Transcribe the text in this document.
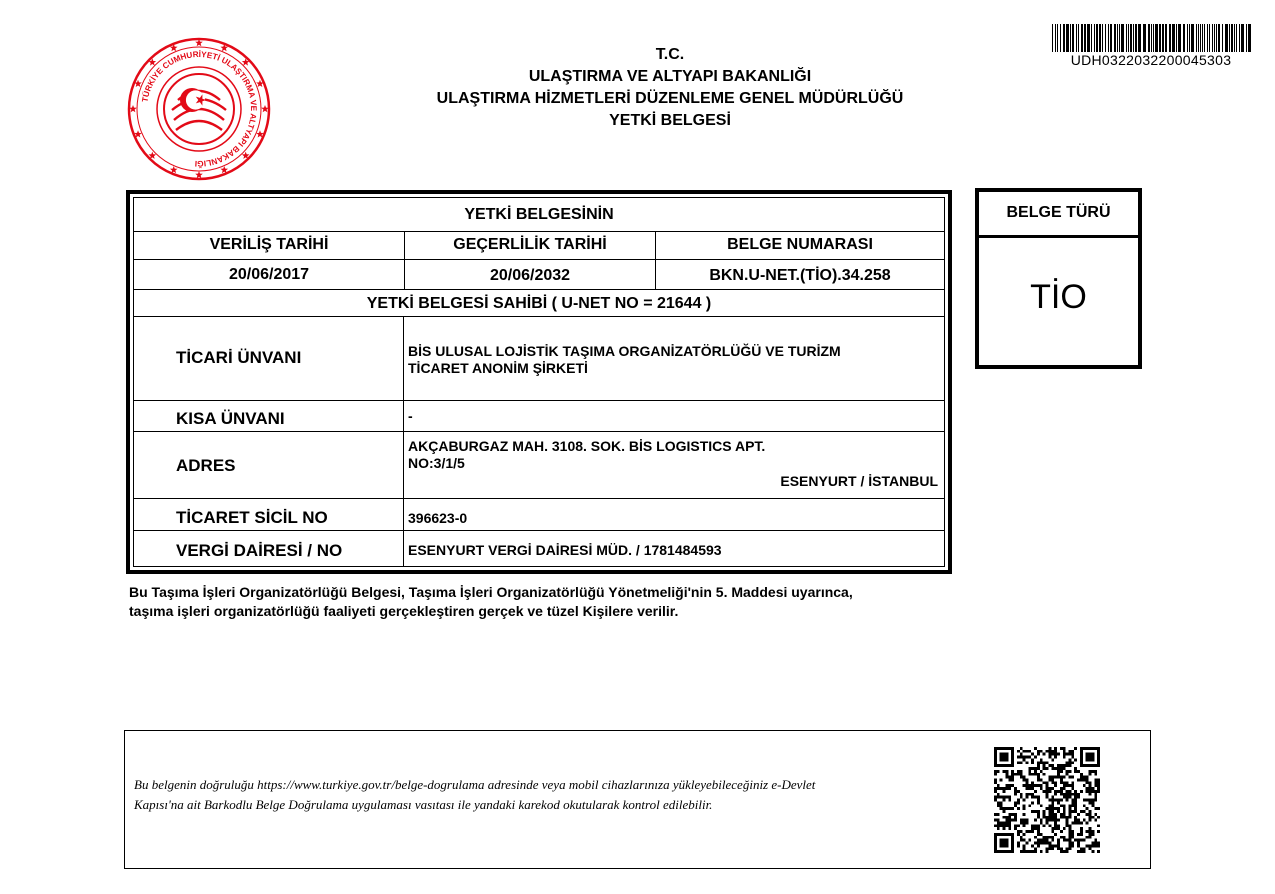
TÜRKİYE CUMHURİYETİ ULAŞTIRMA VE ALTYAPI BAKANLIĞI
T.C.
ULAŞTIRMA VE ALTYAPI BAKANLIĞI
ULAŞTIRMA HİZMETLERİ DÜZENLEME GENEL MÜDÜRLÜĞÜ
YETKİ BELGESİ
UDH0322032200045303
YETKİ BELGESİNİN
VERİLİŞ TARİHİ	GEÇERLİLİK TARİHİ	BELGE NUMARASI
20/06/2017	20/06/2032	BKN.U-NET.(TİO).34.258
YETKİ BELGESİ SAHİBİ ( U-NET NO = 21644 )
TİCARİ ÜNVANI	BİS ULUSAL LOJİSTİK TAŞIMA ORGANİZATÖRLÜĞÜ VE TURİZM
TİCARET ANONİM ŞİRKETİ
KISA ÜNVANI	-
ADRES
AKÇABURGAZ MAH. 3108. SOK. BİS LOGISTICS APT.
NO:3/1/5
ESENYURT / İSTANBUL
TİCARET SİCİL NO	396623-0
VERGİ DAİRESİ / NO	ESENYURT VERGİ DAİRESİ MÜD. / 1781484593
BELGE TÜRÜ
TİO
Bu Taşıma İşleri Organizatörlüğü Belgesi, Taşıma İşleri Organizatörlüğü Yönetmeliği'nin 5. Maddesi uyarınca,
taşıma işleri organizatörlüğü faaliyeti gerçekleştiren gerçek ve tüzel Kişilere verilir.
Bu belgenin doğruluğu https://www.turkiye.gov.tr/belge-dogrulama adresinde veya mobil cihazlarınıza yükleyebileceğiniz e-Devlet
Kapısı'na ait Barkodlu Belge Doğrulama uygulaması vasıtası ile yandaki karekod okutularak kontrol edilebilir.
